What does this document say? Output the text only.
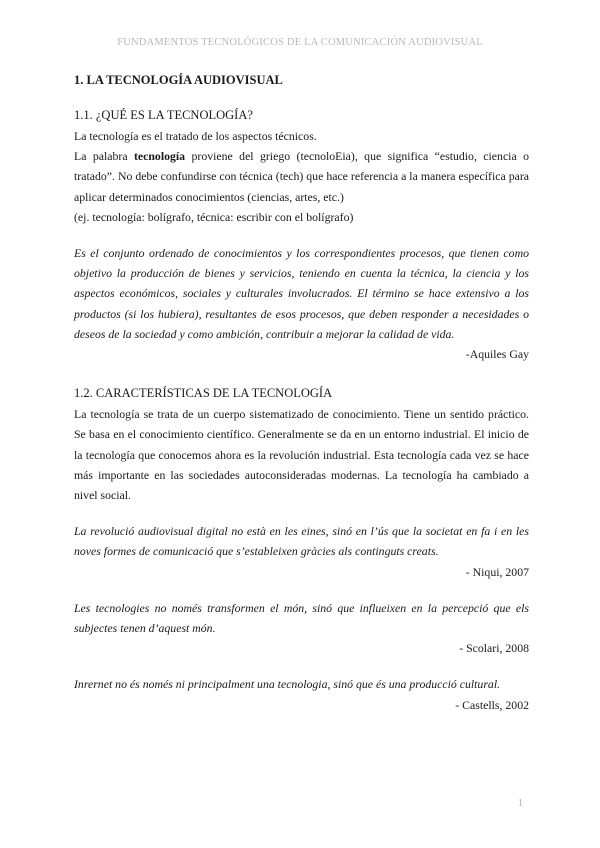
FUNDAMENTOS TECNOLÓGICOS DE LA COMUNICACIÓN AUDIOVISUAL
1. LA TECNOLOGÍA AUDIOVISUAL
1.1. ¿QUÉ ES LA TECNOLOGÍA?

La tecnología es el tratado de los aspectos técnicos.

La palabra tecnología proviene del griego (tecnoloEia), que significa “estudio, ciencia o tratado”. No debe confundirse con técnica (tech) que hace referencia a la manera específica para aplicar determinados conocimientos (ciencias, artes, etc.)

(ej. tecnología: bolígrafo, técnica: escribir con el bolígrafo)

Es el conjunto ordenado de conocimientos y los correspondientes procesos, que tienen como objetivo la producción de bienes y servicios, teniendo en cuenta la técnica, la ciencia y los aspectos económicos, sociales y culturales involucrados. El término se hace extensivo a los productos (si los hubiera), resultantes de esos procesos, que deben responder a necesidades o deseos de la sociedad y como ambición, contribuir a mejorar la calidad de vida.

-Aquiles Gay

1.2. CARACTERÍSTICAS DE LA TECNOLOGÍA

La tecnología se trata de un cuerpo sistematizado de conocimiento. Tiene un sentido práctico. Se basa en el conocimiento científico. Generalmente se da en un entorno industrial. El inicio de la tecnología que conocemos ahora es la revolución industrial. Esta tecnología cada vez se hace más importante en las sociedades autoconsideradas modernas. La tecnología ha cambiado a nivel social.

La revolució audiovisual digital no està en les eines, sinó en l’ús que la societat en fa i en les noves formes de comunicació que s’estableixen gràcies als continguts creats.

- Niqui, 2007

Les tecnologies no només transformen el món, sinó que influeixen en la percepció que els subjectes tenen d’aquest món.

- Scolari, 2008

Inrernet no és només ni principalment una tecnologia, sinó que és una producció cultural.

- Castells, 2002

1
